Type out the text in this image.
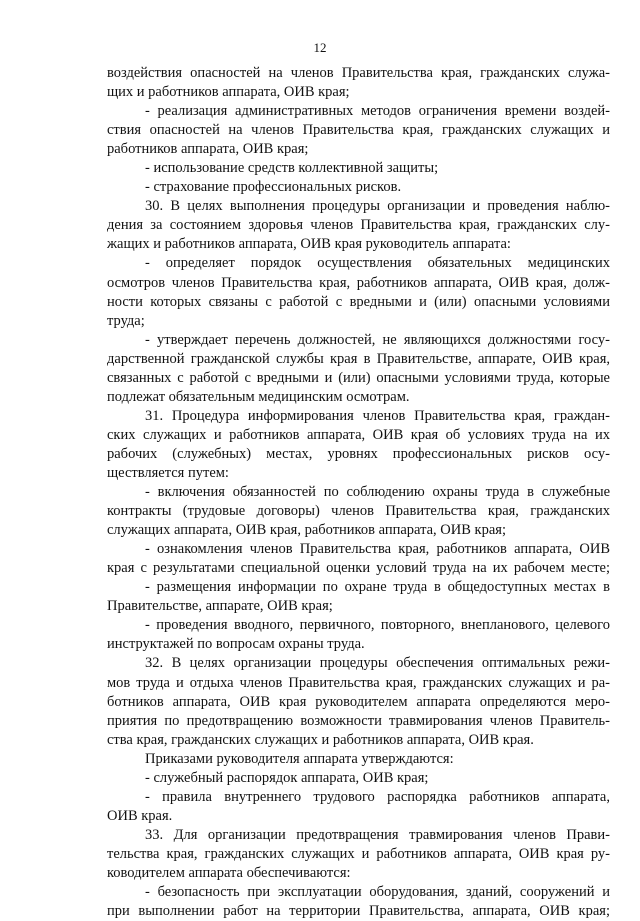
12
воздействия опасностей на членов Правительства края, гражданских служа-
щих и работников аппарата, ОИВ края;
- реализация административных методов ограничения времени воздей-
ствия опасностей на членов Правительства края, гражданских служащих и
работников аппарата, ОИВ края;
- использование средств коллективной защиты;
- страхование профессиональных рисков.
30. В целях выполнения процедуры организации и проведения наблю-
дения за состоянием здоровья членов Правительства края, гражданских слу-
жащих и работников аппарата, ОИВ края руководитель аппарата:
- определяет порядок осуществления обязательных медицинских
осмотров членов Правительства края, работников аппарата, ОИВ края, долж-
ности которых связаны с работой с вредными и (или) опасными условиями
труда;
- утверждает перечень должностей, не являющихся должностями госу-
дарственной гражданской службы края в Правительстве, аппарате, ОИВ края,
связанных с работой с вредными и (или) опасными условиями труда, которые
подлежат обязательным медицинским осмотрам.
31. Процедура информирования членов Правительства края, граждан-
ских служащих и работников аппарата, ОИВ края об условиях труда на их
рабочих (служебных) местах, уровнях профессиональных рисков осу-
ществляется путем:
- включения обязанностей по соблюдению охраны труда в служебные
контракты (трудовые договоры) членов Правительства края, гражданских
служащих аппарата, ОИВ края, работников аппарата, ОИВ края;
- ознакомления членов Правительства края, работников аппарата, ОИВ
края с результатами специальной оценки условий труда на их рабочем месте;
- размещения информации по охране труда в общедоступных местах в
Правительстве, аппарате, ОИВ края;
- проведения вводного, первичного, повторного, внепланового, целевого
инструктажей по вопросам охраны труда.
32. В целях организации процедуры обеспечения оптимальных режи-
мов труда и отдыха членов Правительства края, гражданских служащих и ра-
ботников аппарата, ОИВ края руководителем аппарата определяются меро-
приятия по предотвращению возможности травмирования членов Правитель-
ства края, гражданских служащих и работников аппарата, ОИВ края.
Приказами руководителя аппарата утверждаются:
- служебный распорядок аппарата, ОИВ края;
- правила внутреннего трудового распорядка работников аппарата,
ОИВ края.
33. Для организации предотвращения травмирования членов Прави-
тельства края, гражданских служащих и работников аппарата, ОИВ края ру-
ководителем аппарата обеспечиваются:
- безопасность при эксплуатации оборудования, зданий, сооружений и
при выполнении работ на территории Правительства, аппарата, ОИВ края;
